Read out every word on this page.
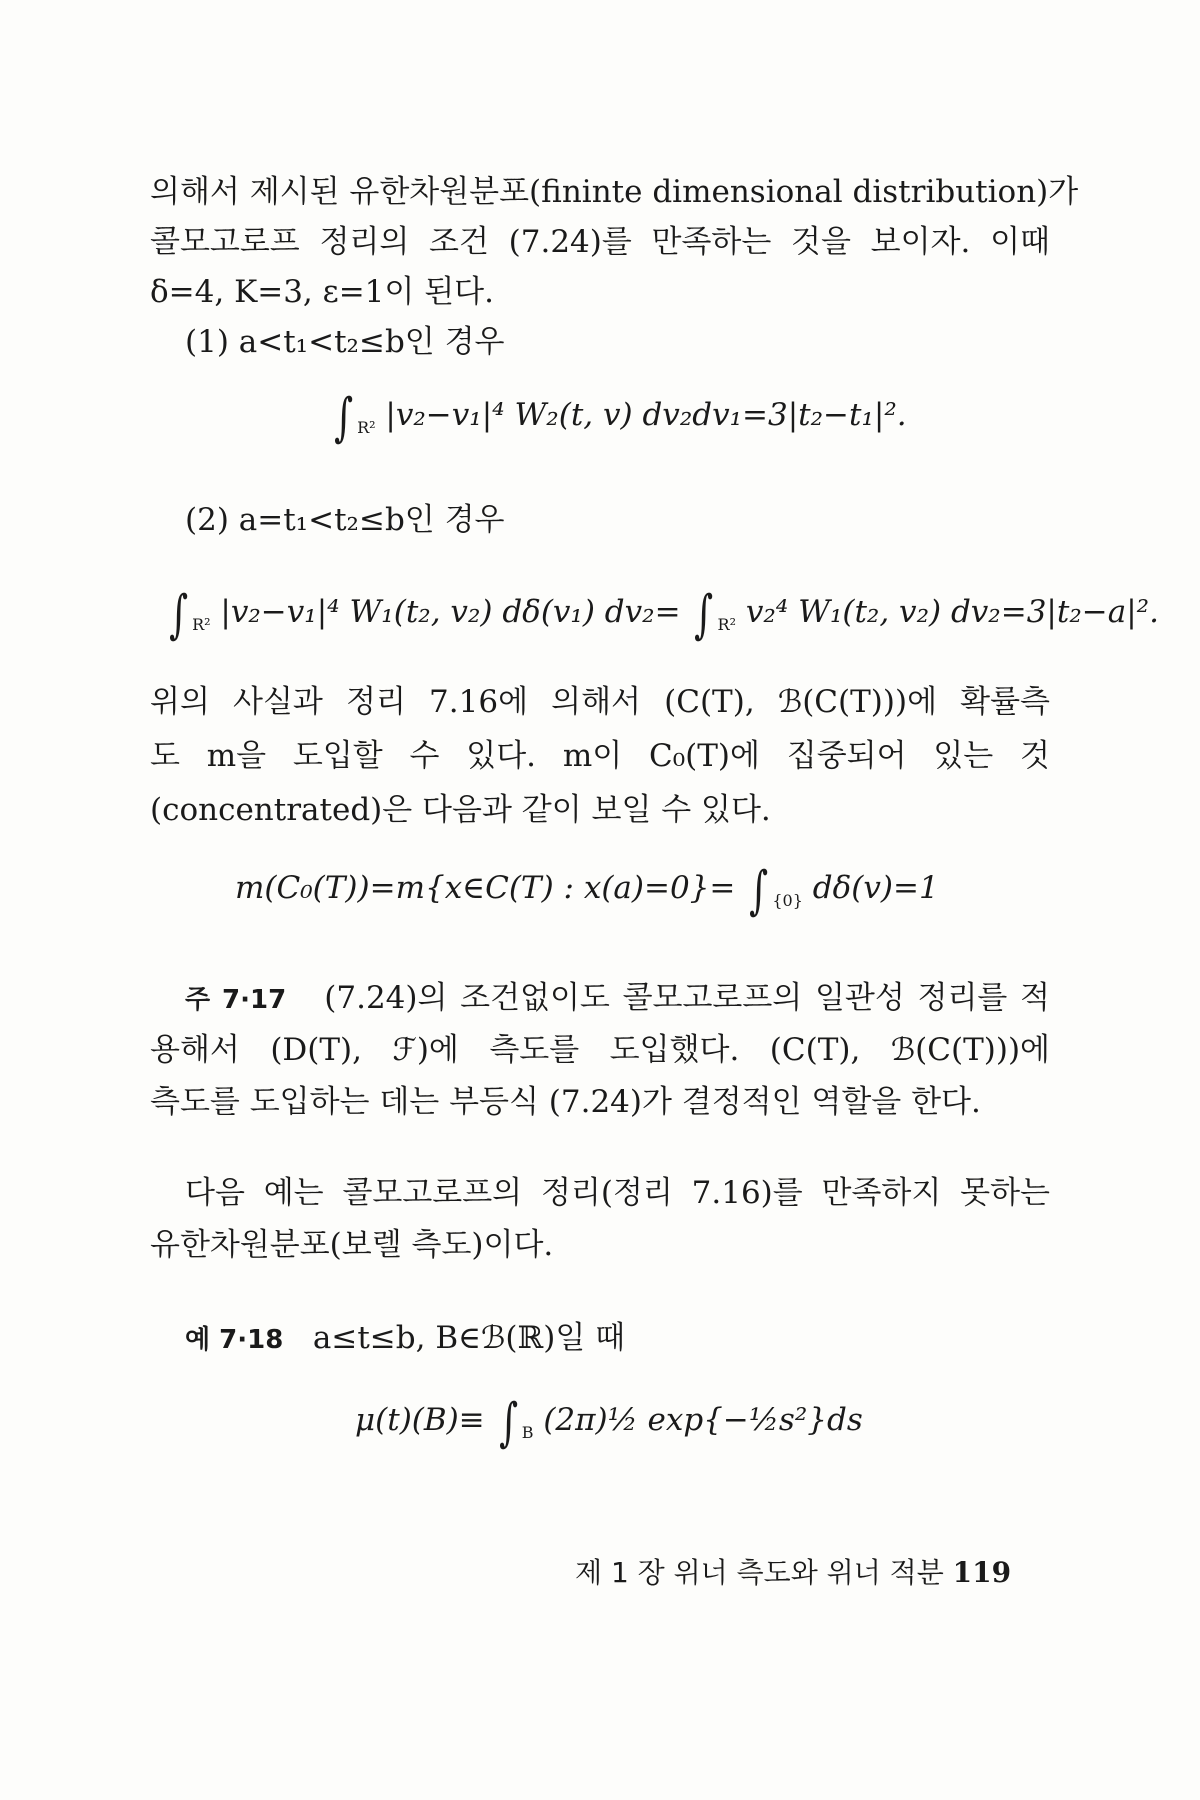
의해서 제시된 유한차원분포(fininte dimensional distribution)가
콜모고로프 정리의 조건 (7.24)를 만족하는 것을 보이자. 이때
δ=4, K=3, ε=1이 된다.
(1) a<t₁<t₂≤b인 경우
∫ $_{R^2}$ |v₂−v₁|⁴ W₂(t, v) dv₂dv₁=3|t₂−t₁|².
(2) a=t₁<t₂≤b인 경우
∫ $_{R^2}$ |v₂−v₁|⁴ W₁(t₂, v₂) dδ(v₁) dv₂= ∫ $_{R^2}$ v₂⁴ W₁(t₂, v₂) dv₂=3|t₂−a|².
위의 사실과 정리 7.16에 의해서 (C(T), ℬ(C(T)))에 확률측
도 m을 도입할 수 있다. m이 C₀(T)에 집중되어 있는 것
(concentrated)은 다음과 같이 보일 수 있다.
m(C₀(T))=m{x∈C(T) : x(a)=0}= ∫ $_{\{0\}}$ dδ(v)=1
주 7·17 (7.24)의 조건없이도 콜모고로프의 일관성 정리를 적
용해서 (D(T), ℱ)에 측도를 도입했다. (C(T), ℬ(C(T)))에
측도를 도입하는 데는 부등식 (7.24)가 결정적인 역할을 한다.
다음 예는 콜모고로프의 정리(정리 7.16)를 만족하지 못하는
유한차원분포(보렐 측도)이다.
예 7·18 a≤t≤b, B∈ℬ(ℝ)일 때
μ(t)(B)≡ ∫ $_B$ (2π)½ exp{−½s²}ds
제 1 장 위너 측도와 위너 적분 119
